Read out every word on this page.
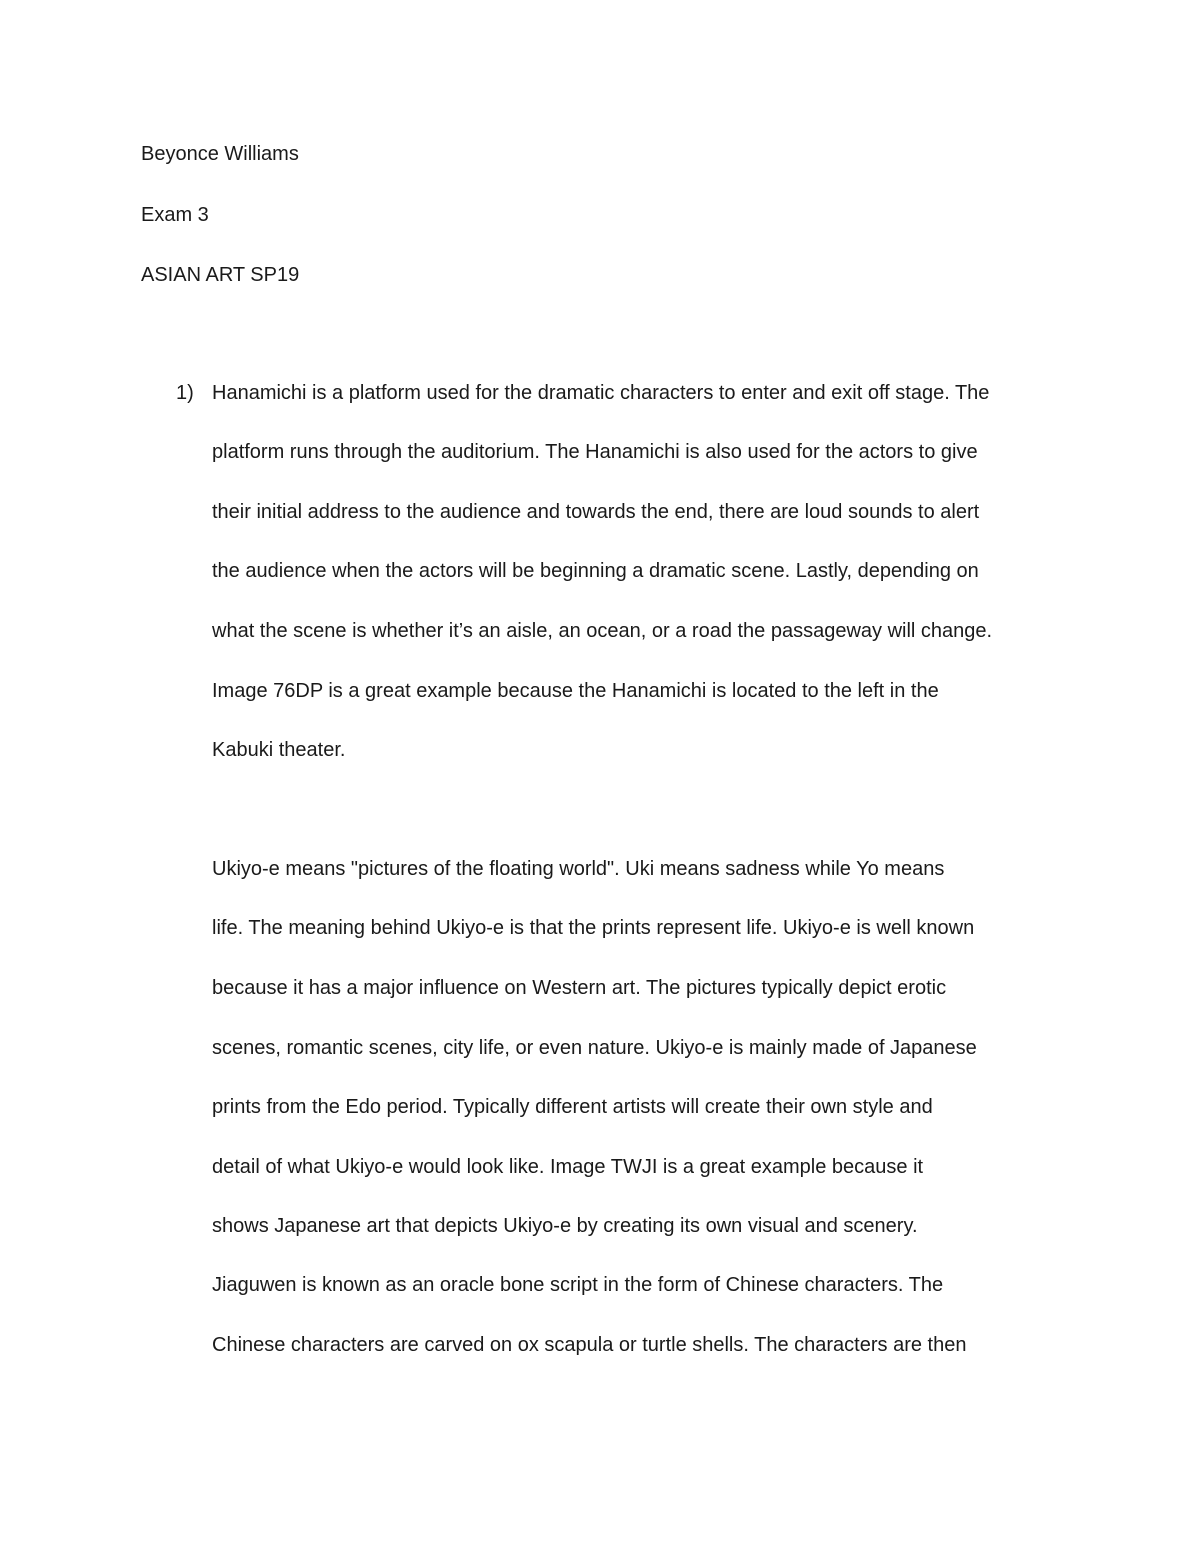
Beyonce Williams
Exam 3
ASIAN ART SP19
1) Hanamichi is a platform used for the dramatic characters to enter and exit off stage. The
platform runs through the auditorium. The Hanamichi is also used for the actors to give
their initial address to the audience and towards the end, there are loud sounds to alert
the audience when the actors will be beginning a dramatic scene. Lastly, depending on
what the scene is whether it’s an aisle, an ocean, or a road the passageway will change.
Image 76DP is a great example because the Hanamichi is located to the left in the
Kabuki theater.
Ukiyo-e means "pictures of the floating world". Uki means sadness while Yo means
life. The meaning behind Ukiyo-e is that the prints represent life. Ukiyo-e is well known
because it has a major influence on Western art. The pictures typically depict erotic
scenes, romantic scenes, city life, or even nature. Ukiyo-e is mainly made of Japanese
prints from the Edo period. Typically different artists will create their own style and
detail of what Ukiyo-e would look like. Image TWJI is a great example because it
shows Japanese art that depicts Ukiyo-e by creating its own visual and scenery.
Jiaguwen is known as an oracle bone script in the form of Chinese characters. The
Chinese characters are carved on ox scapula or turtle shells. The characters are then
